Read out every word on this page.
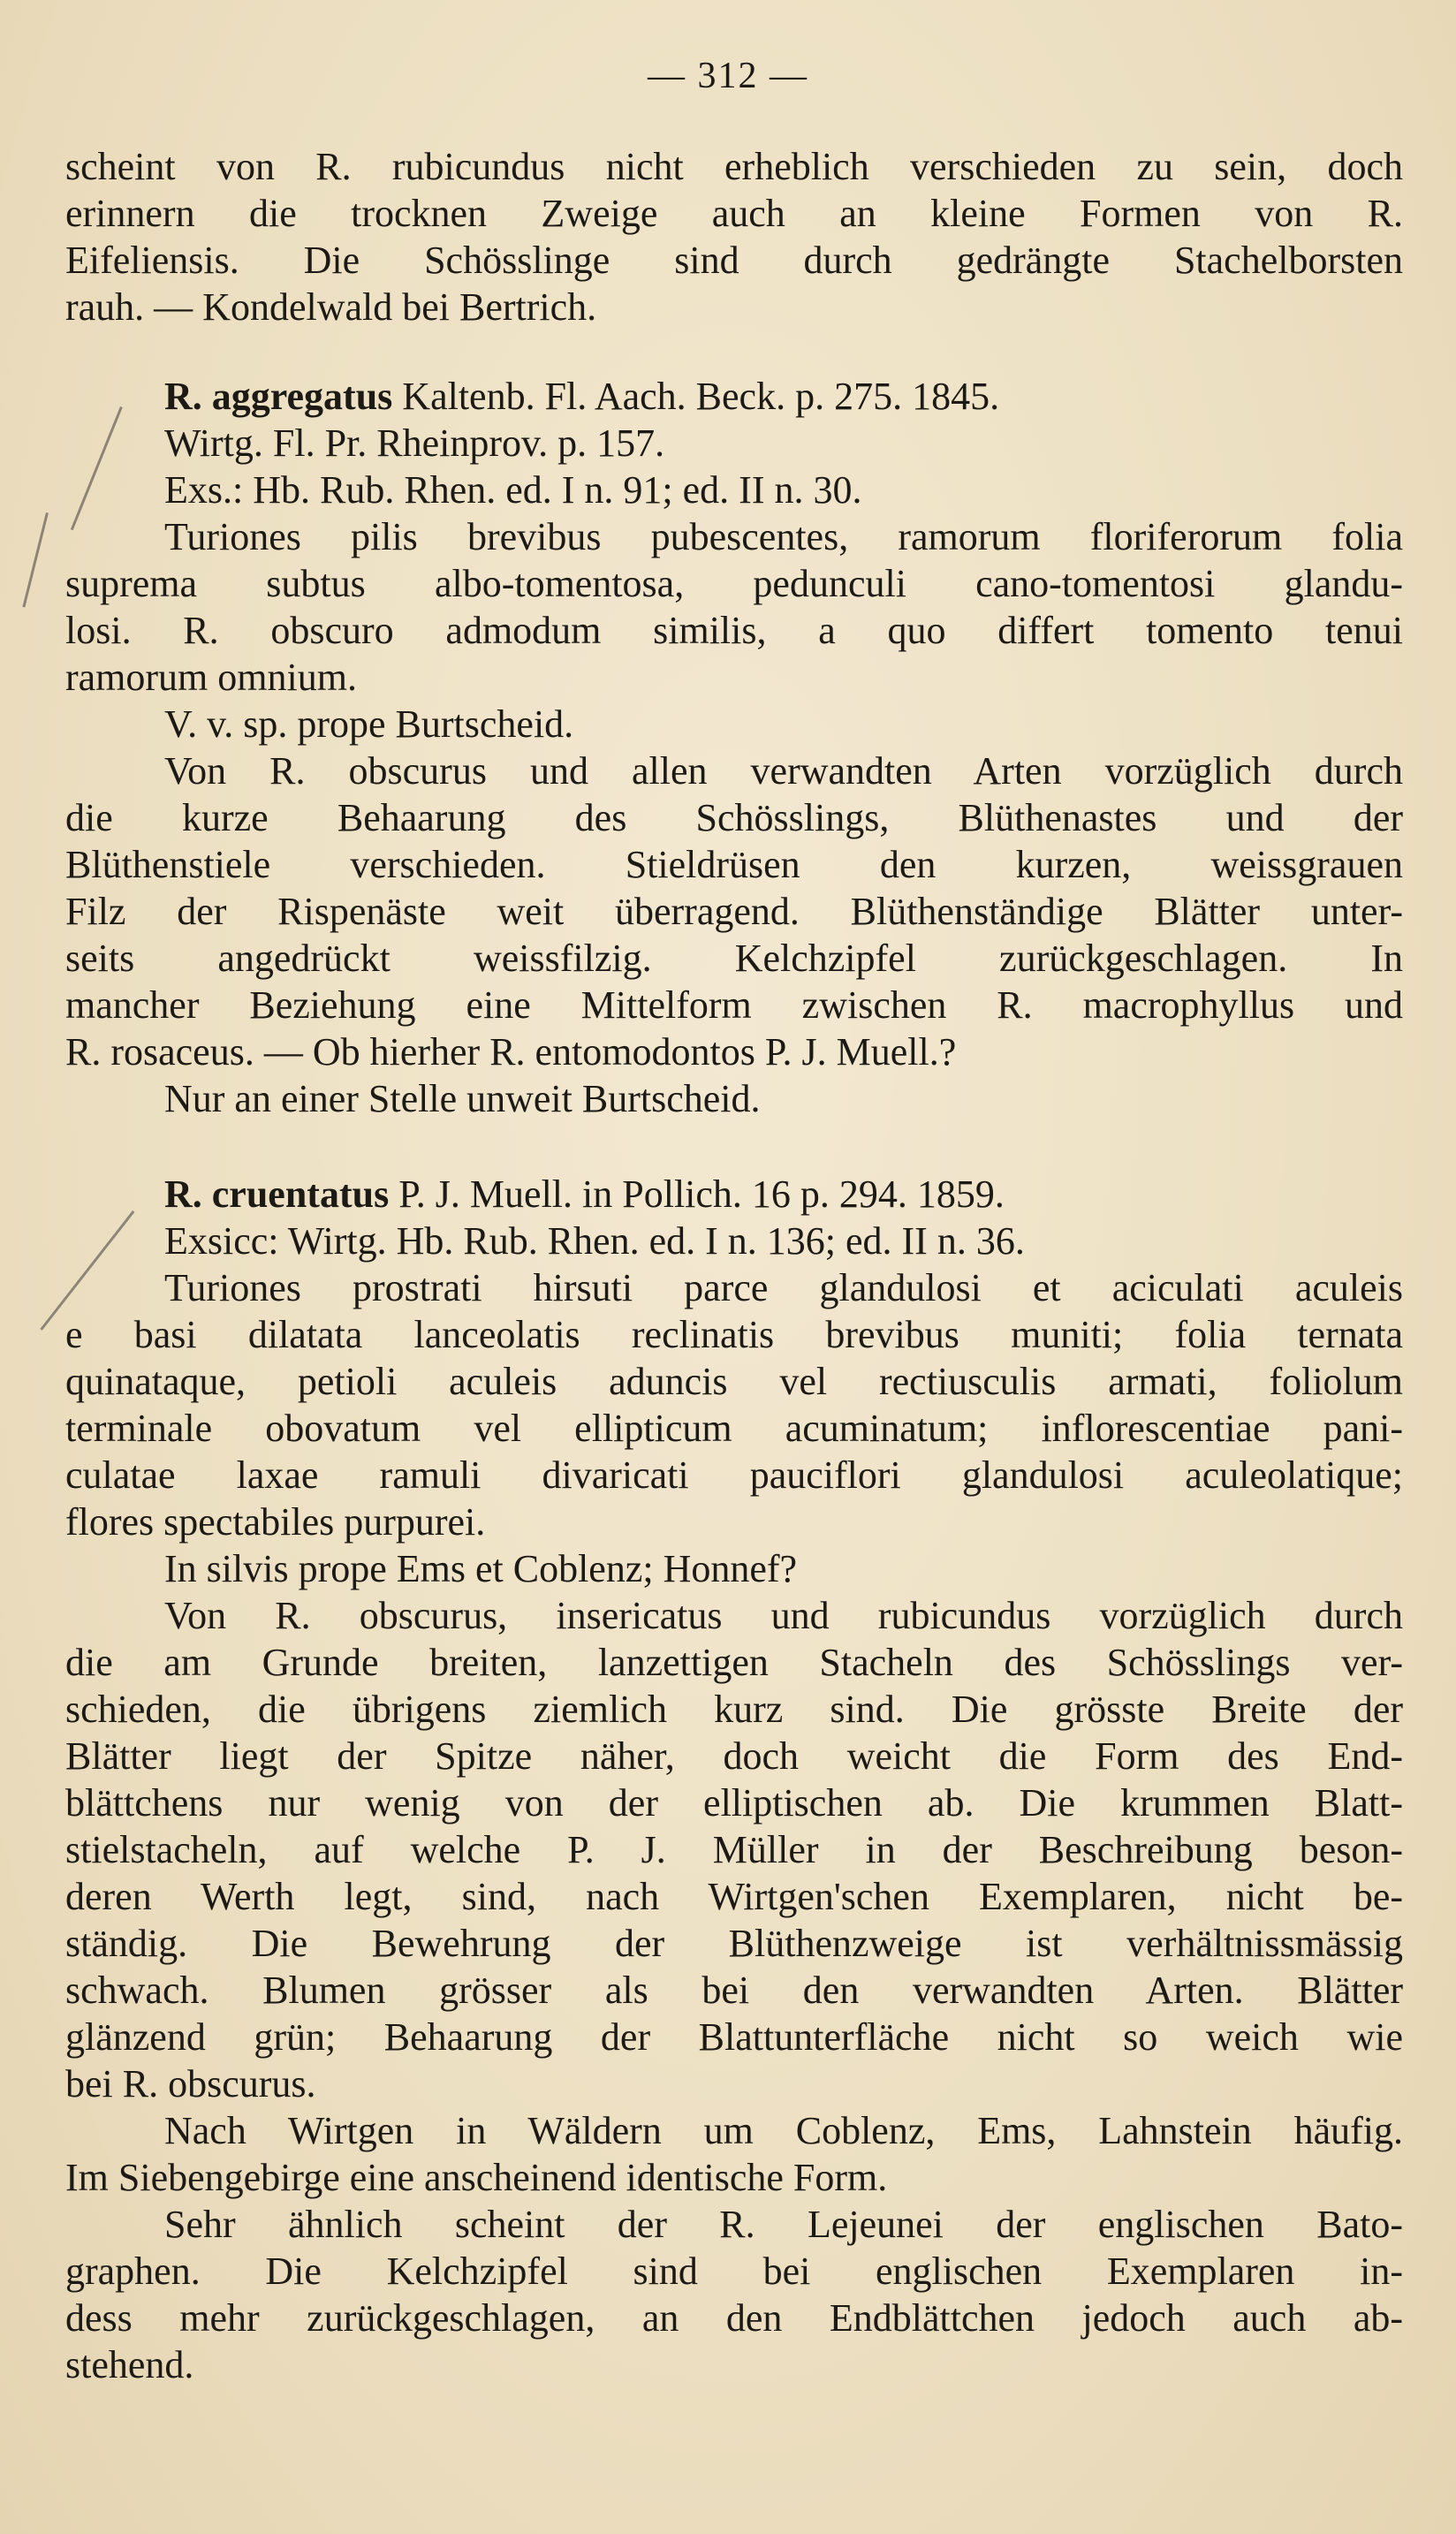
— 312 —
scheint von R. rubicundus nicht erheblich verschieden zu sein, doch
erinnern die trocknen Zweige auch an kleine Formen von R.
Eifeliensis. Die Schösslinge sind durch gedrängte Stachelborsten
rauh. — Kondelwald bei Bertrich.
R. aggregatus Kaltenb. Fl. Aach. Beck. p. 275. 1845.
Wirtg. Fl. Pr. Rheinprov. p. 157.
Exs.: Hb. Rub. Rhen. ed. I n. 91; ed. II n. 30.
Turiones pilis brevibus pubescentes, ramorum floriferorum folia
suprema subtus albo-tomentosa, pedunculi cano-tomentosi glandu-
losi. R. obscuro admodum similis, a quo differt tomento tenui
ramorum omnium.
V. v. sp. prope Burtscheid.
Von R. obscurus und allen verwandten Arten vorzüglich durch
die kurze Behaarung des Schösslings, Blüthenastes und der
Blüthenstiele verschieden. Stieldrüsen den kurzen, weissgrauen
Filz der Rispenäste weit überragend. Blüthenständige Blätter unter-
seits angedrückt weissfilzig. Kelchzipfel zurückgeschlagen. In
mancher Beziehung eine Mittelform zwischen R. macrophyllus und
R. rosaceus. — Ob hierher R. entomodontos P. J. Muell.?
Nur an einer Stelle unweit Burtscheid.
R. cruentatus P. J. Muell. in Pollich. 16 p. 294. 1859.
Exsicc: Wirtg. Hb. Rub. Rhen. ed. I n. 136; ed. II n. 36.
Turiones prostrati hirsuti parce glandulosi et aciculati aculeis
e basi dilatata lanceolatis reclinatis brevibus muniti; folia ternata
quinataque, petioli aculeis aduncis vel rectiusculis armati, foliolum
terminale obovatum vel ellipticum acuminatum; inflorescentiae pani-
culatae laxae ramuli divaricati pauciflori glandulosi aculeolatique;
flores spectabiles purpurei.
In silvis prope Ems et Coblenz; Honnef?
Von R. obscurus, insericatus und rubicundus vorzüglich durch
die am Grunde breiten, lanzettigen Stacheln des Schösslings ver-
schieden, die übrigens ziemlich kurz sind. Die grösste Breite der
Blätter liegt der Spitze näher, doch weicht die Form des End-
blättchens nur wenig von der elliptischen ab. Die krummen Blatt-
stielstacheln, auf welche P. J. Müller in der Beschreibung beson-
deren Werth legt, sind, nach Wirtgen'schen Exemplaren, nicht be-
ständig. Die Bewehrung der Blüthenzweige ist verhältnissmässig
schwach. Blumen grösser als bei den verwandten Arten. Blätter
glänzend grün; Behaarung der Blattunterfläche nicht so weich wie
bei R. obscurus.
Nach Wirtgen in Wäldern um Coblenz, Ems, Lahnstein häufig.
Im Siebengebirge eine anscheinend identische Form.
Sehr ähnlich scheint der R. Lejeunei der englischen Bato-
graphen. Die Kelchzipfel sind bei englischen Exemplaren in-
dess mehr zurückgeschlagen, an den Endblättchen jedoch auch ab-
stehend.
